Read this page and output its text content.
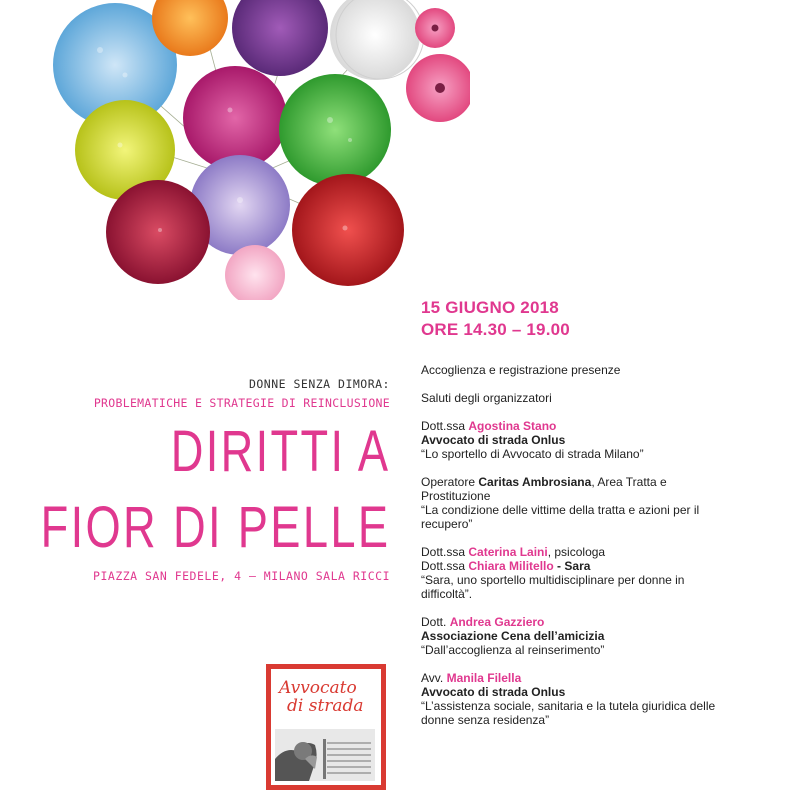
15 GIUGNO 2018
ORE 14.30 – 19.00
DONNE SENZA DIMORA:
PROBLEMATICHE E STRATEGIE DI REINCLUSIONE
DIRITTI A
FIOR DI PELLE
PIAZZA SAN FEDELE, 4 — MILANO SALA RICCI
Accoglienza e registrazione presenze
Saluti degli organizzatori
Dott.ssa Agostina Stano
Avvocato di strada Onlus
“Lo sportello di Avvocato di strada Milano”
Operatore Caritas Ambrosiana, Area Tratta e Prostituzione
“La condizione delle vittime della tratta e azioni per il recupero”
Dott.ssa Caterina Laini, psicologa
Dott.ssa Chiara Militello - Sara
“Sara, uno sportello multidisciplinare per donne in difficoltà”.
Dott. Andrea Gazziero
Associazione Cena dell’amicizia
“Dall’accoglienza al reinserimento”
Avv. Manila Filella
Avvocato di strada Onlus
“L’assistenza sociale, sanitaria e la tutela giuridica delle donne senza residenza”
Avvocato
di strada
